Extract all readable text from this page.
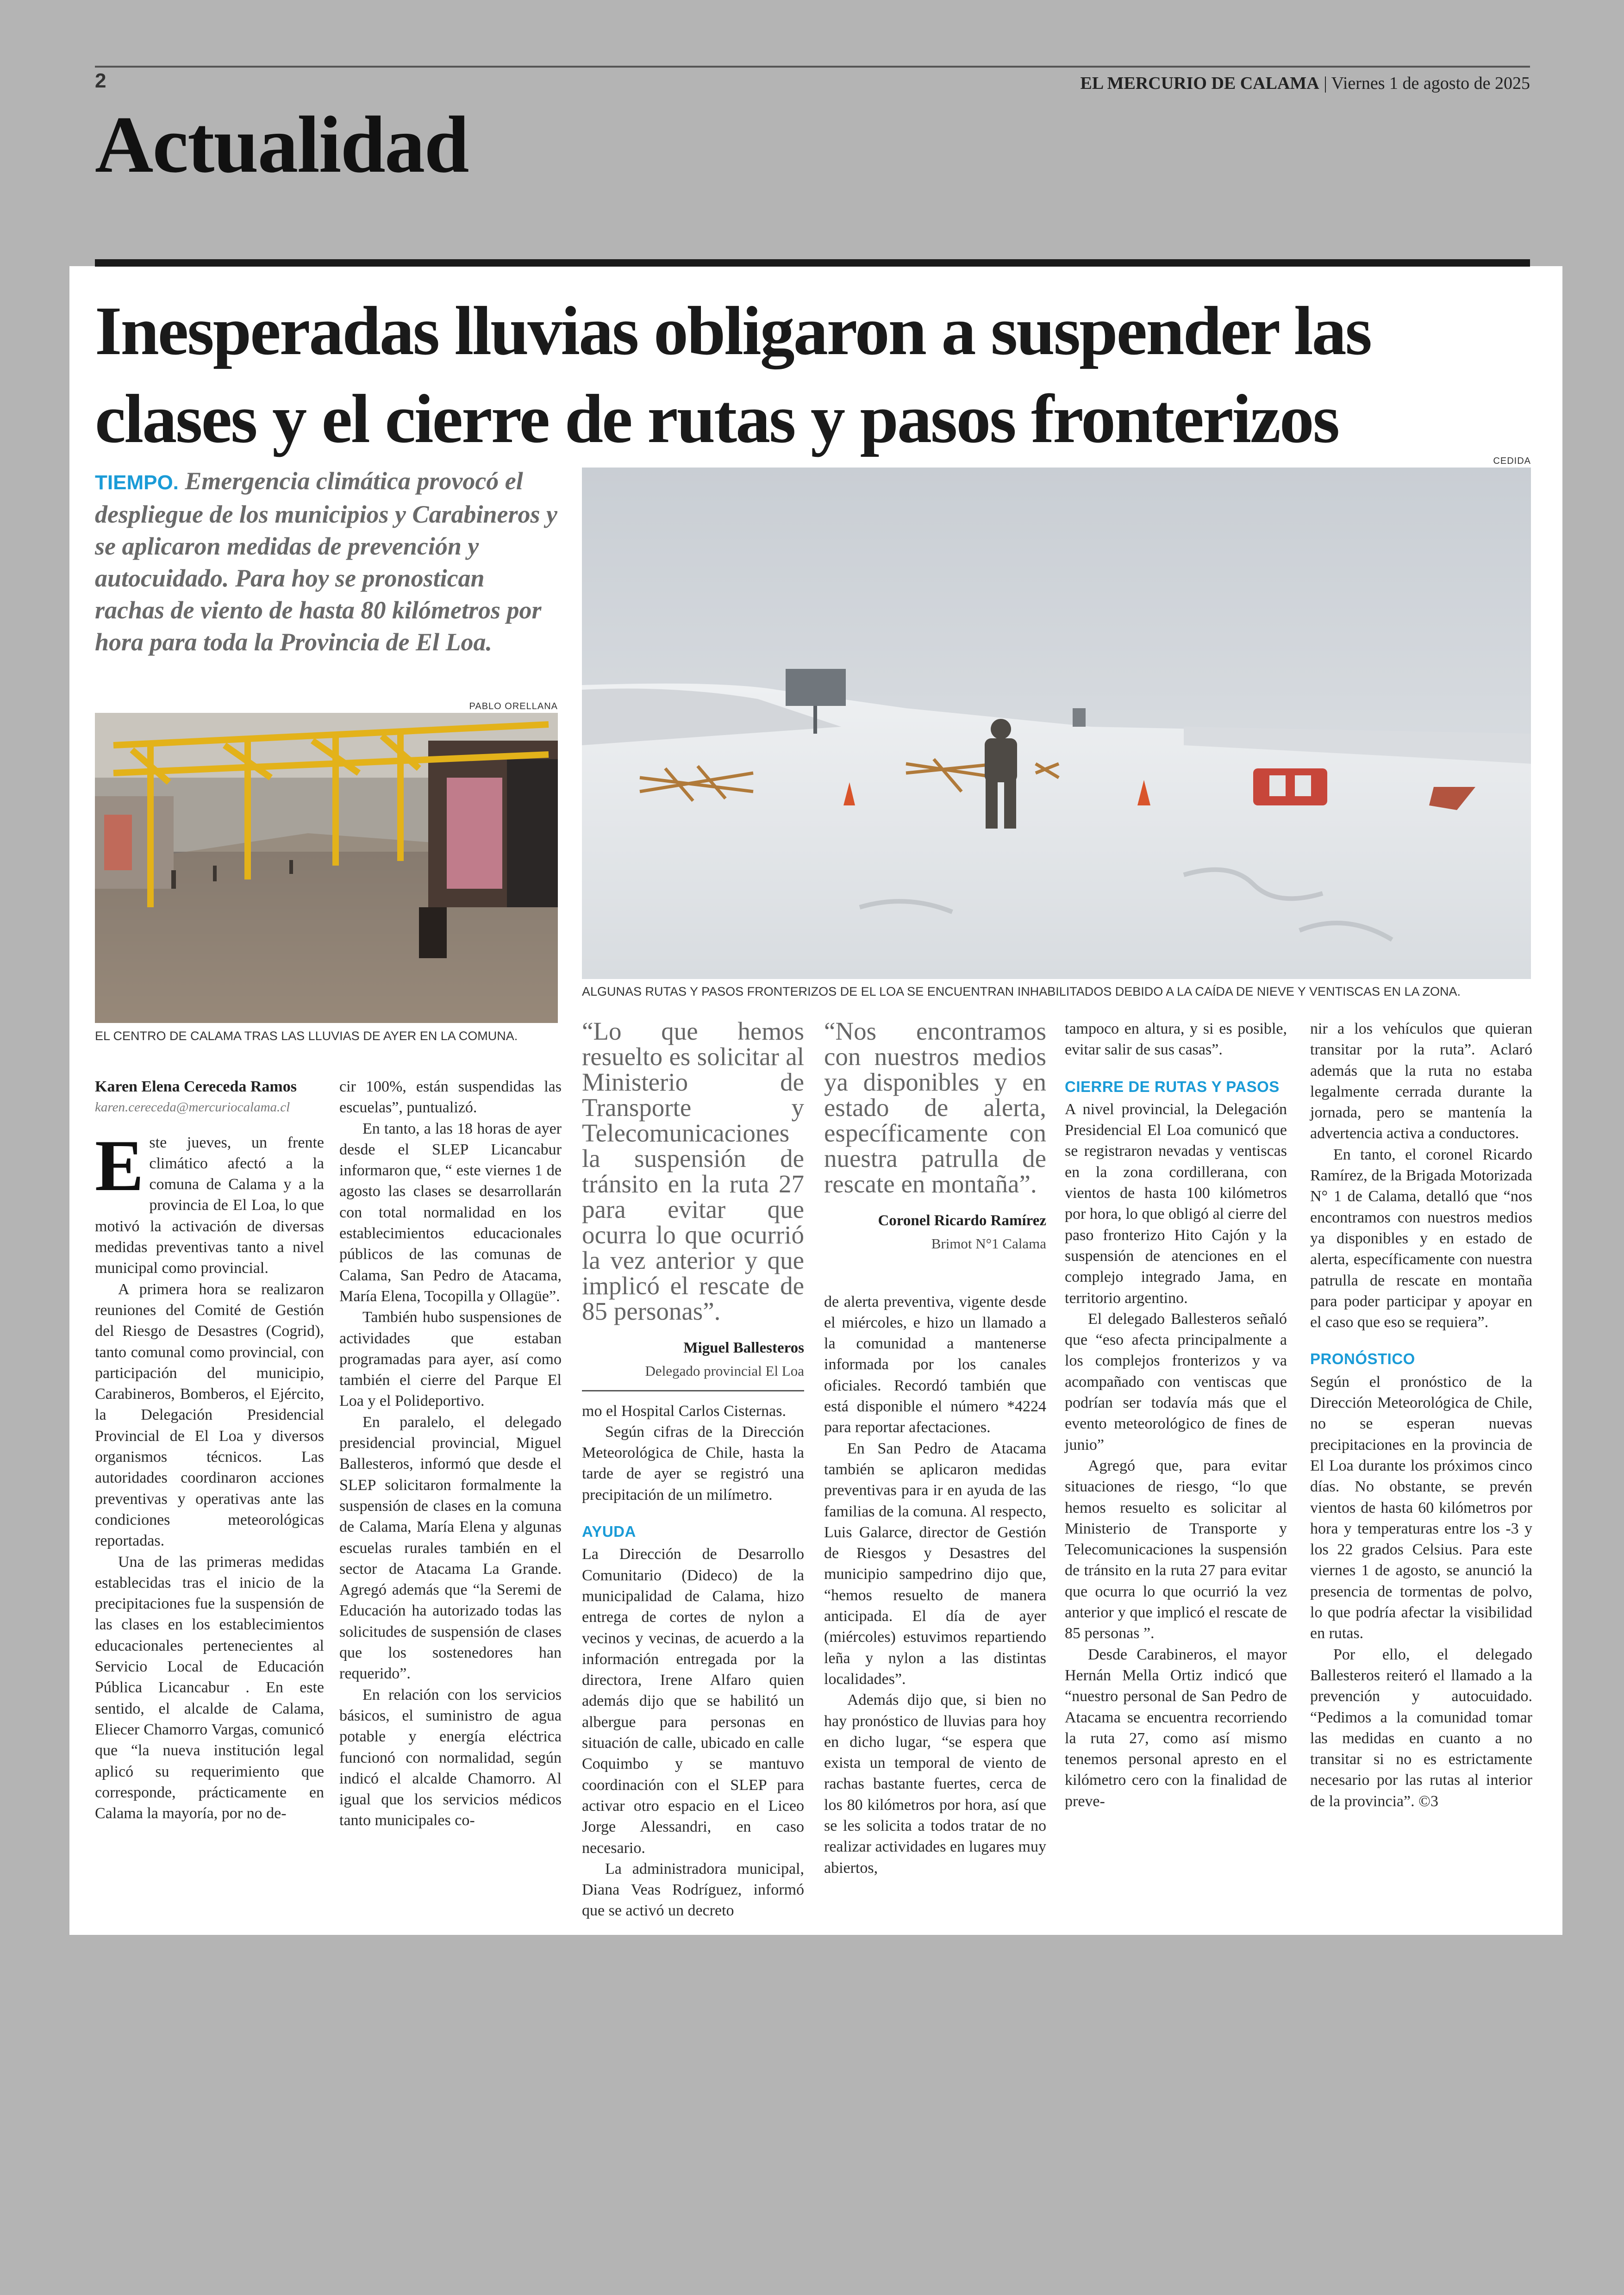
2	EL MERCURIO DE CALAMA | Viernes 1 de agosto de 2025
Actualidad
Inesperadas lluvias obligaron a suspender las clases y el cierre de rutas y pasos fronterizos
TIEMPO. Emergencia climática provocó el despliegue de los municipios y Carabineros y se aplicaron medidas de prevención y autocuidado. Para hoy se pronostican rachas de viento de hasta 80 kilómetros por hora para toda la Provincia de El Loa.
PABLO ORELLANA
EL CENTRO DE CALAMA TRAS LAS LLUVIAS DE AYER EN LA COMUNA.
CEDIDA
ALGUNAS RUTAS Y PASOS FRONTERIZOS DE EL LOA SE ENCUENTRAN INHABILITADOS DEBIDO A LA CAÍDA DE NIEVE Y VENTISCAS EN LA ZONA.
Karen Elena Cereceda Ramos
karen.cereceda@mercuriocalama.cl

Este jueves, un frente climático afectó a la comuna de Calama y a la provincia de El Loa, lo que motivó la activación de diversas medidas preventivas tanto a nivel municipal como provincial.

A primera hora se realizaron reuniones del Comité de Gestión del Riesgo de Desastres (Cogrid), tanto comunal como provincial, con participación del municipio, Carabineros, Bomberos, el Ejército, la Delegación Presidencial Provincial de El Loa y diversos organismos técnicos. Las autoridades coordinaron acciones preventivas y operativas ante las condiciones meteorológicas reportadas.

Una de las primeras medidas establecidas tras el inicio de la precipitaciones fue la suspensión de las clases en los establecimientos educacionales pertenecientes al Servicio Local de Educación Pública Licancabur . En este sentido, el alcalde de Calama, Eliecer Chamorro Vargas, comunicó que “la nueva institución legal aplicó su requerimiento que corresponde, prácticamente en Calama la mayoría, por no de-

cir 100%, están suspendidas las escuelas”, puntualizó.

En tanto, a las 18 horas de ayer desde el SLEP Licancabur informaron que, “ este viernes 1 de agosto las clases se desarrollarán con total normalidad en los establecimientos educacionales públicos de las comunas de Calama, San Pedro de Atacama, María Elena, Tocopilla y Ollagüe”.

También hubo suspensiones de actividades que estaban programadas para ayer, así como también el cierre del Parque El Loa y el Polideportivo.

En paralelo, el delegado presidencial provincial, Miguel Ballesteros, informó que desde el SLEP solicitaron formalmente la suspensión de clases en la comuna de Calama, María Elena y algunas escuelas rurales también en el sector de Atacama La Grande. Agregó además que “la Seremi de Educación ha autorizado todas las solicitudes de suspensión de clases que los sostenedores han requerido”.

En relación con los servicios básicos, el suministro de agua potable y energía eléctrica funcionó con normalidad, según indicó el alcalde Chamorro. Al igual que los servicios médicos tanto municipales co-

“Lo que hemos resuelto es solicitar al Ministerio de Transporte y Telecomunicaciones la suspensión de tránsito en la ruta 27 para evitar que ocurra lo que ocurrió la vez anterior y que implicó el rescate de 85 personas”.
Miguel Ballesteros
Delegado provincial El Loa

mo el Hospital Carlos Cisternas.

Según cifras de la Dirección Meteorológica de Chile, hasta la tarde de ayer se registró una precipitación de un milímetro.

AYUDA

La Dirección de Desarrollo Comunitario (Dideco) de la municipalidad de Calama, hizo entrega de cortes de nylon a vecinos y vecinas, de acuerdo a la información entregada por la directora, Irene Alfaro quien además dijo que se habilitó un albergue para personas en situación de calle, ubicado en calle Coquimbo y se mantuvo coordinación con el SLEP para activar otro espacio en el Liceo Jorge Alessandri, en caso necesario.

La administradora municipal, Diana Veas Rodríguez, informó que se activó un decreto

“Nos encontramos con nuestros medios ya disponibles y en estado de alerta, específicamente con nuestra patrulla de rescate en montaña”.
Coronel Ricardo Ramírez
Brimot N°1 Calama

de alerta preventiva, vigente desde el miércoles, e hizo un llamado a la comunidad a mantenerse informada por los canales oficiales. Recordó también que está disponible el número *4224 para reportar afectaciones.

En San Pedro de Atacama también se aplicaron medidas preventivas para ir en ayuda de las familias de la comuna. Al respecto, Luis Galarce, director de Gestión de Riesgos y Desastres del municipio sampedrino dijo que, “hemos resuelto de manera anticipada. El día de ayer (miércoles) estuvimos repartiendo leña y nylon a las distintas localidades”.

Además dijo que, si bien no hay pronóstico de lluvias para hoy en dicho lugar, “se espera que exista un temporal de viento de rachas bastante fuertes, cerca de los 80 kilómetros por hora, así que se les solicita a todos tratar de no realizar actividades en lugares muy abiertos,

tampoco en altura, y si es posible, evitar salir de sus casas”.

CIERRE DE RUTAS Y PASOS

A nivel provincial, la Delegación Presidencial El Loa comunicó que se registraron nevadas y ventiscas en la zona cordillerana, con vientos de hasta 100 kilómetros por hora, lo que obligó al cierre del paso fronterizo Hito Cajón y la suspensión de atenciones en el complejo integrado Jama, en territorio argentino.

El delegado Ballesteros señaló que “eso afecta principalmente a los complejos fronterizos y va acompañado con ventiscas que podrían ser todavía más que el evento meteorológico de fines de junio”

Agregó que, para evitar situaciones de riesgo, “lo que hemos resuelto es solicitar al Ministerio de Transporte y Telecomunicaciones la suspensión de tránsito en la ruta 27 para evitar que ocurra lo que ocurrió la vez anterior y que implicó el rescate de 85 personas ”.

Desde Carabineros, el mayor Hernán Mella Ortiz indicó que “nuestro personal de San Pedro de Atacama se encuentra recorriendo la ruta 27, como así mismo tenemos personal apresto en el kilómetro cero con la finalidad de preve-

nir a los vehículos que quieran transitar por la ruta”. Aclaró además que la ruta no estaba legalmente cerrada durante la jornada, pero se mantenía la advertencia activa a conductores.

En tanto, el coronel Ricardo Ramírez, de la Brigada Motorizada N° 1 de Calama, detalló que “nos encontramos con nuestros medios ya disponibles y en estado de alerta, específicamente con nuestra patrulla de rescate en montaña para poder participar y apoyar en el caso que eso se requiera”.

PRONÓSTICO

Según el pronóstico de la Dirección Meteorológica de Chile, no se esperan nuevas precipitaciones en la provincia de El Loa durante los próximos cinco días. No obstante, se prevén vientos de hasta 60 kilómetros por hora y temperaturas entre los -3 y los 22 grados Celsius. Para este viernes 1 de agosto, se anunció la presencia de tormentas de polvo, lo que podría afectar la visibilidad en rutas.

Por ello, el delegado Ballesteros reiteró el llamado a la prevención y autocuidado. “Pedimos a la comunidad tomar las medidas en cuanto a no transitar si no es estrictamente necesario por las rutas al interior de la provincia”. ©3
